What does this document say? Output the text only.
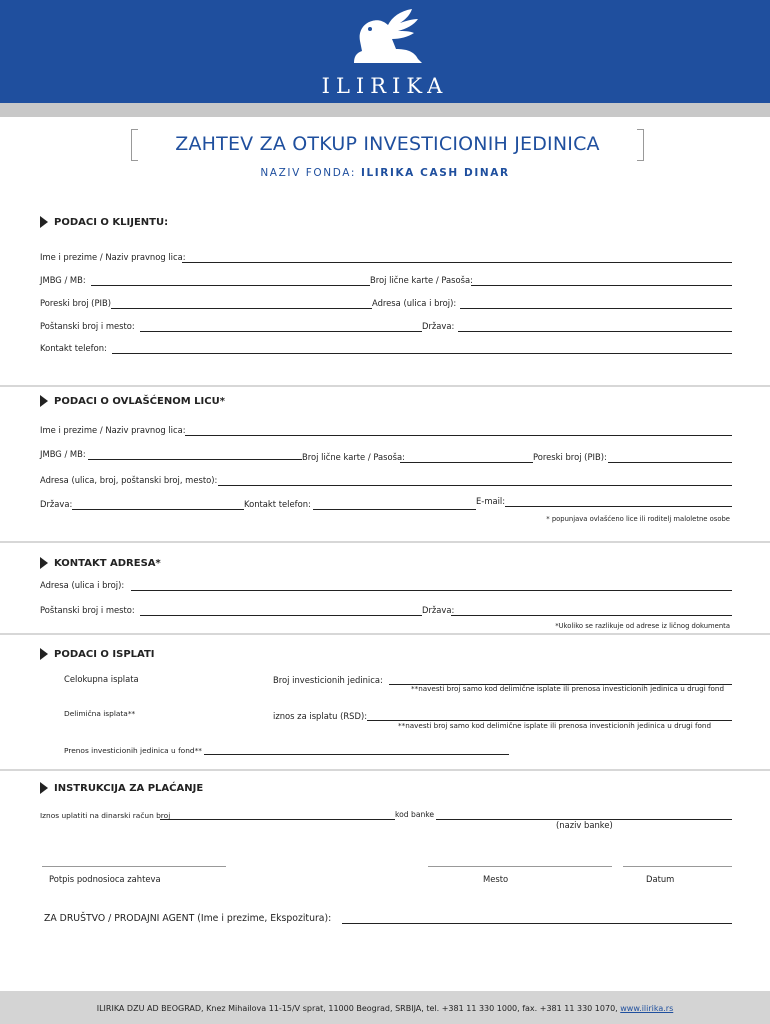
ILIRIKA
ZAHTEV ZA OTKUP INVESTICIONIH JEDINICA
NAZIV FONDA: ILIRIKA CASH DINAR
PODACI O KLIJENTU:
Ime i prezime / Naziv pravnog lica:
JMBG / MB:	Broj lične karte / Pasoša:
Poreski broj (PIB)	Adresa (ulica i broj):
Poštanski broj i mesto:	Država:
Kontakt telefon:
PODACI O OVLAŠĆENOM LICU*
Ime i prezime / Naziv pravnog lica:
JMBG / MB:	Broj lične karte / Pasoša:	Poreski broj (PIB):
Adresa (ulica, broj, poštanski broj, mesto):
Država:	Kontakt telefon:	E-mail:
* popunjava ovlašćeno lice ili roditelj maloletne osobe
KONTAKT ADRESA*
Adresa (ulica i broj):
Poštanski broj i mesto:	Država:
*Ukoliko se razlikuje od adrese iz ličnog dokumenta
PODACI O ISPLATI
Celokupna isplata	Broj investicionih jedinica:
**navesti broj samo kod delimične isplate ili prenosa investicionih jedinica u drugi fond
Delimična isplata**	iznos za isplatu (RSD):
**navesti broj samo kod delimične isplate ili prenosa investicionih jedinica u drugi fond
Prenos investicionih jedinica u fond**
INSTRUKCIJA ZA PLAĆANJE
Iznos uplatiti na dinarski račun broj	kod banke
(naziv banke)
Potpis podnosioca zahteva	Mesto	Datum
ZA DRUŠTVO / PRODAJNI AGENT (Ime i prezime, Ekspozitura):
ILIRIKA DZU AD BEOGRAD, Knez Mihailova 11-15/V sprat, 11000 Beograd, SRBIJA, tel. +381 11 330 1000, fax. +381 11 330 1070, www.ilirika.rs
